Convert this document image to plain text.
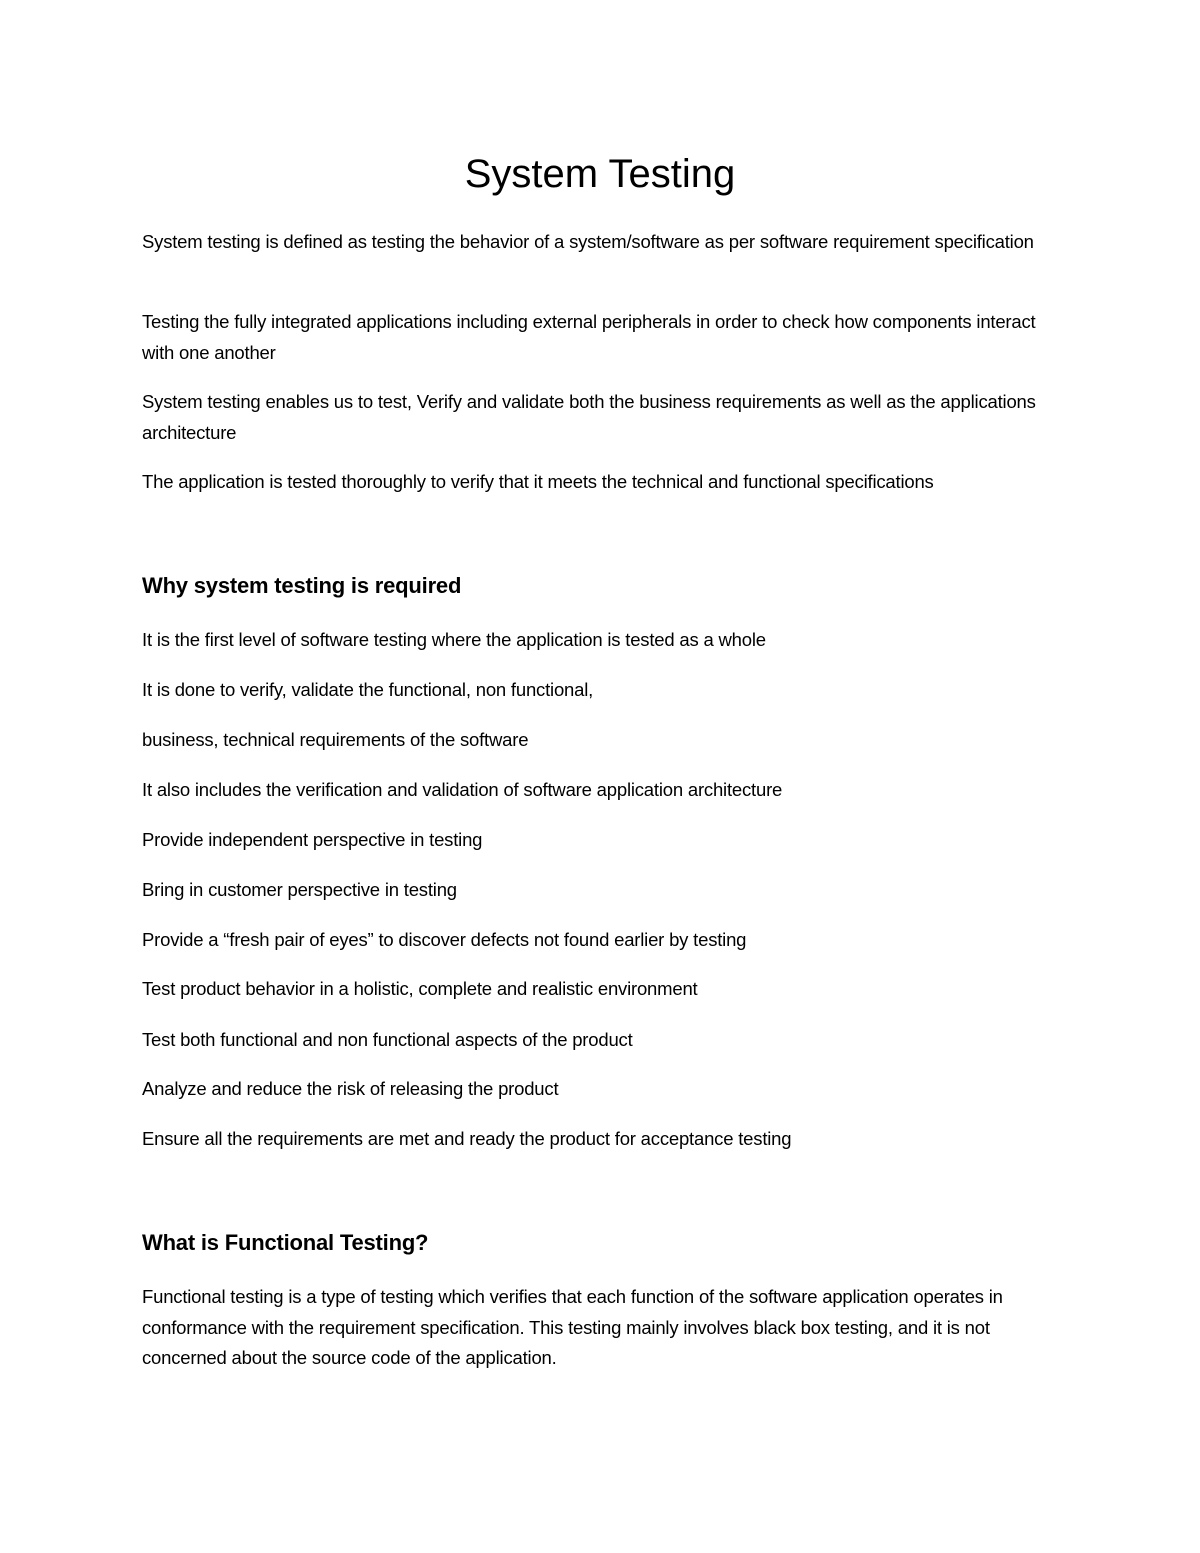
System Testing

System testing is defined as testing the behavior of a system/software as per software requirement specification

Testing the fully integrated applications including external peripherals in order to check how components interact with one another

System testing enables us to test, Verify and validate both the business requirements as well as the applications architecture

The application is tested thoroughly to verify that it meets the technical and functional specifications

Why system testing is required

It is the first level of software testing where the application is tested as a whole

It is done to verify, validate the functional, non functional,

business, technical requirements of the software

It also includes the verification and validation of software application architecture

Provide independent perspective in testing

Bring in customer perspective in testing

Provide a “fresh pair of eyes” to discover defects not found earlier by testing

Test product behavior in a holistic, complete and realistic environment

Test both functional and non functional aspects of the product

Analyze and reduce the risk of releasing the product

Ensure all the requirements are met and ready the product for acceptance testing

What is Functional Testing?

Functional testing is a type of testing which verifies that each function of the software application operates in conformance with the requirement specification. This testing mainly involves black box testing, and it is not concerned about the source code of the application.
